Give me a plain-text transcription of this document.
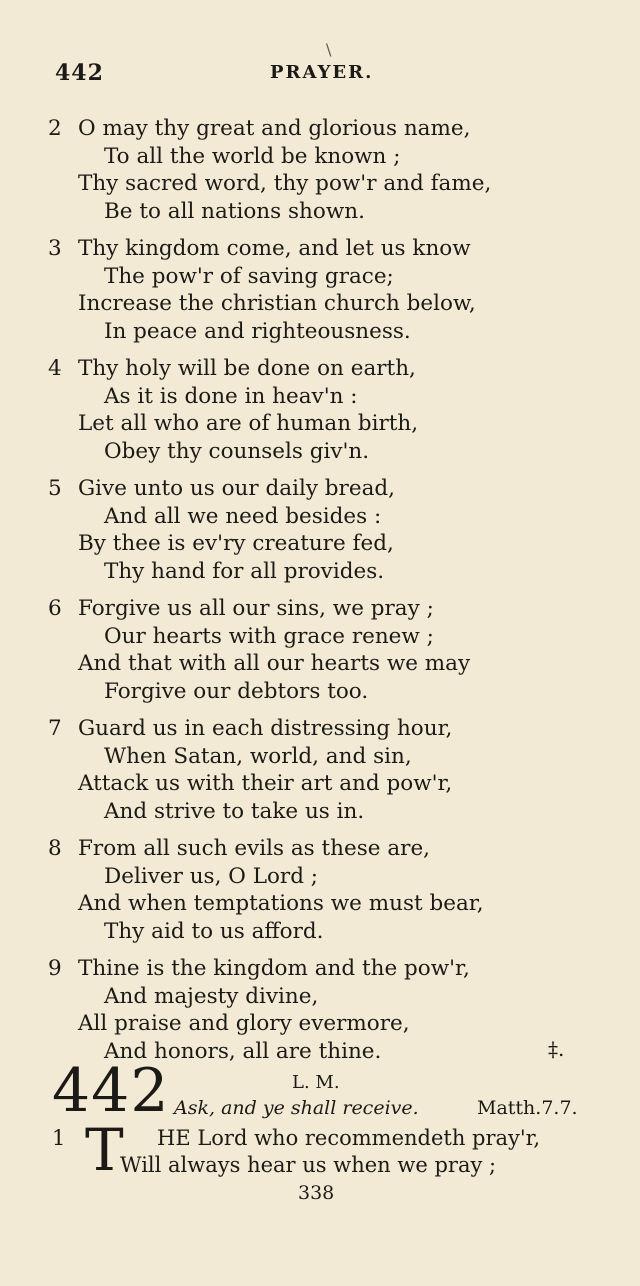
\
442	PRAYER.
2 O may thy great and glorious name,
To all the world be known ;
Thy sacred word, thy pow'r and fame,
Be to all nations shown.
3 Thy kingdom come, and let us know
The pow'r of saving grace;
Increase the christian church below,
In peace and righteousness.
4 Thy holy will be done on earth,
As it is done in heav'n :
Let all who are of human birth,
Obey thy counsels giv'n.
5 Give unto us our daily bread,
And all we need besides :
By thee is ev'ry creature fed,
Thy hand for all provides.
6 Forgive us all our sins, we pray ;
Our hearts with grace renew ;
And that with all our hearts we may
Forgive our debtors too.
7 Guard us in each distressing hour,
When Satan, world, and sin,
Attack us with their art and pow'r,
And strive to take us in.
8 From all such evils as these are,
Deliver us, O Lord ;
And when temptations we must bear,
Thy aid to us afford.
9 Thine is the kingdom and the pow'r,
And majesty divine,
All praise and glory evermore,
And honors, all are thine.	‡.
442	L. M.
Ask, and ye shall receive.	Matth.7.7.
1 T HE Lord who recommendeth pray'r,
Will always hear us when we pray ;
338
